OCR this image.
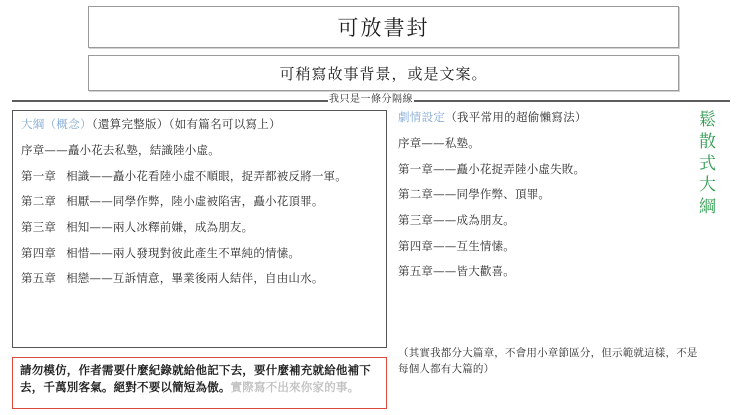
可放書封
可稍寫故事背景，或是文案。
我只是一條分隔線
大綱（概念）（還算完整版）（如有篇名可以寫上）
序章——矗小花去私塾，結識陸小虛。
第一章 相識——矗小花看陸小虛不順眼，捉弄都被反將一軍。
第二章 相厭——同學作弊，陸小虛被陷害，矗小花頂罪。
第三章 相知——兩人冰釋前嫌，成為朋友。
第四章 相惜——兩人發現對彼此產生不單純的情愫。
第五章 相戀——互訴情意，畢業後兩人結伴，自由山水。
請勿模仿，作者需要什麼紀錄就給他記下去，要什麼補充就給他補下去，千萬別客氣。絕對不要以簡短為傲。實際寫不出來你家的事。
劇情設定（我平常用的超偷懶寫法）
序章——私塾。
第一章——矗小花捉弄陸小虛失敗。
第二章——同學作弊、頂罪。
第三章——成為朋友。
第四章——互生情愫。
第五章——皆大歡喜。
（其實我都分大篇章，不會用小章節區分，但示範就這樣，不是每個人都有大篇的）
鬆
散
式
大
綱
